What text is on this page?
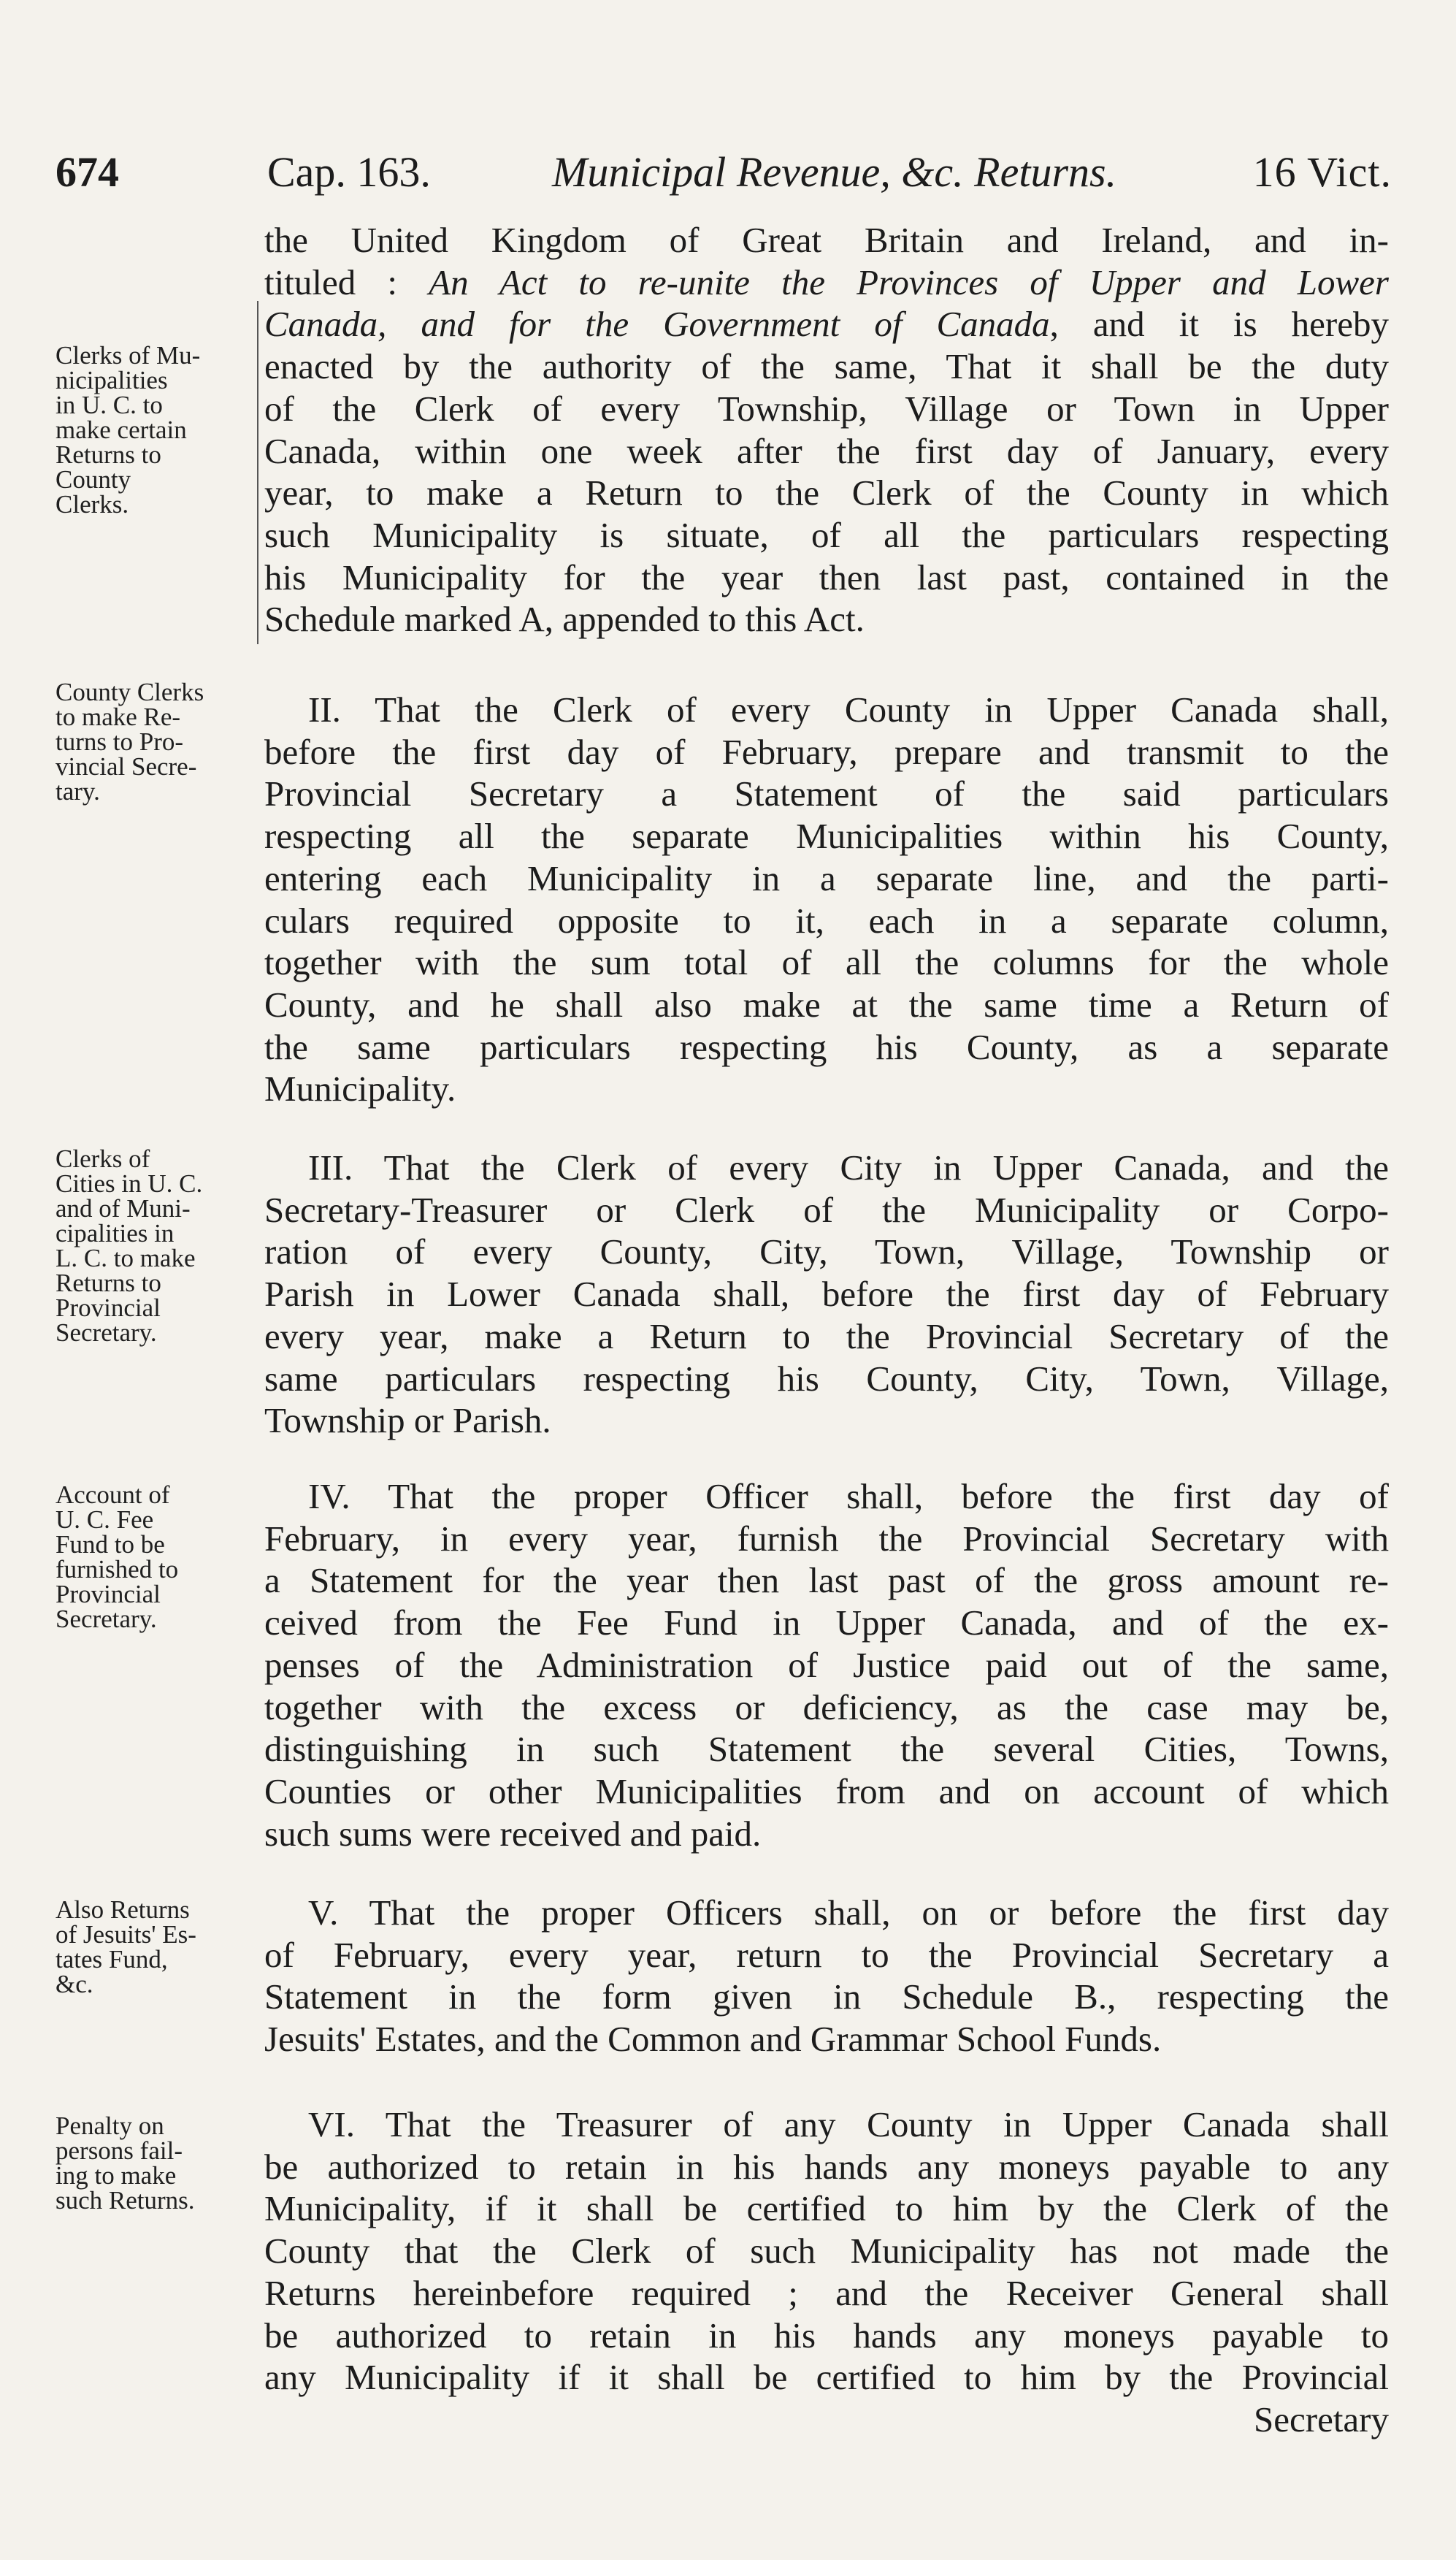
674	Cap. 163.	Municipal Revenue, &c. Returns.	16 Vict.
Clerks of Mu-
nicipalities
in U. C. to
make certain
Returns to
County
Clerks.
the United Kingdom of Great Britain and Ireland, and in-
tituled : An Act to re-unite the Provinces of Upper and Lower
Canada, and for the Government of Canada, and it is hereby
enacted by the authority of the same, That it shall be the duty
of the Clerk of every Township, Village or Town in Upper
Canada, within one week after the first day of January, every
year, to make a Return to the Clerk of the County in which
such Municipality is situate, of all the particulars respecting
his Municipality for the year then last past, contained in the
Schedule marked A, appended to this Act.
County Clerks
to make Re-
turns to Pro-
vincial Secre-
tary.
II. That the Clerk of every County in Upper Canada shall,
before the first day of February, prepare and transmit to the
Provincial Secretary a Statement of the said particulars
respecting all the separate Municipalities within his County,
entering each Municipality in a separate line, and the parti-
culars required opposite to it, each in a separate column,
together with the sum total of all the columns for the whole
County, and he shall also make at the same time a Return of
the same particulars respecting his County, as a separate
Municipality.
Clerks of
Cities in U. C.
and of Muni-
cipalities in
L. C. to make
Returns to
Provincial
Secretary.
III. That the Clerk of every City in Upper Canada, and the
Secretary-Treasurer or Clerk of the Municipality or Corpo-
ration of every County, City, Town, Village, Township or
Parish in Lower Canada shall, before the first day of February
every year, make a Return to the Provincial Secretary of the
same particulars respecting his County, City, Town, Village,
Township or Parish.
Account of
U. C. Fee
Fund to be
furnished to
Provincial
Secretary.
IV. That the proper Officer shall, before the first day of
February, in every year, furnish the Provincial Secretary with
a Statement for the year then last past of the gross amount re-
ceived from the Fee Fund in Upper Canada, and of the ex-
penses of the Administration of Justice paid out of the same,
together with the excess or deficiency, as the case may be,
distinguishing in such Statement the several Cities, Towns,
Counties or other Municipalities from and on account of which
such sums were received and paid.
Also Returns
of Jesuits' Es-
tates Fund,
&c.
V. That the proper Officers shall, on or before the first day
of February, every year, return to the Provincial Secretary a
Statement in the form given in Schedule B., respecting the
Jesuits' Estates, and the Common and Grammar School Funds.
Penalty on
persons fail-
ing to make
such Returns.
VI. That the Treasurer of any County in Upper Canada shall
be authorized to retain in his hands any moneys payable to any
Municipality, if it shall be certified to him by the Clerk of the
County that the Clerk of such Municipality has not made the
Returns hereinbefore required ; and the Receiver General shall
be authorized to retain in his hands any moneys payable to
any Municipality if it shall be certified to him by the Provincial
Secretary
